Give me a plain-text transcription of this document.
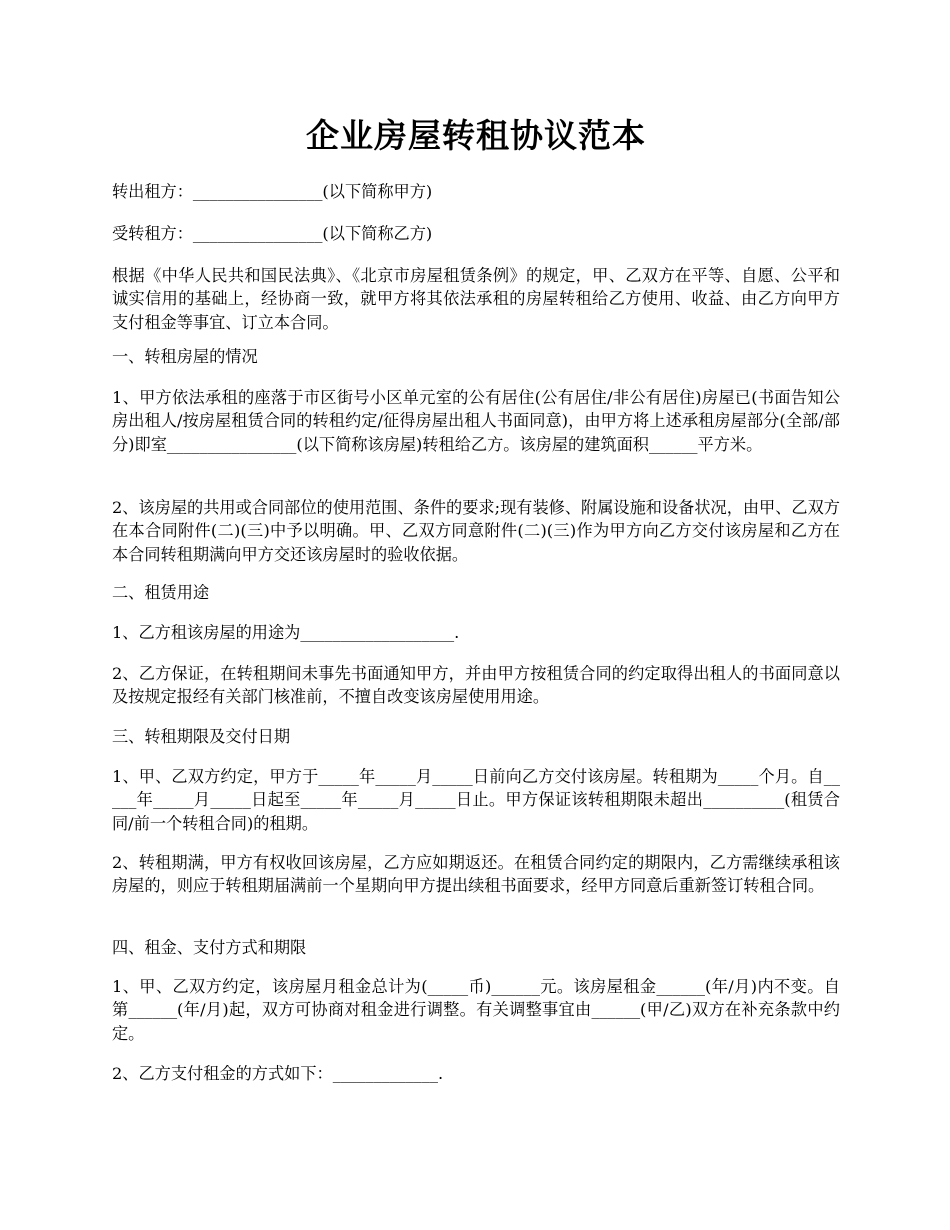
企业房屋转租协议范本

转出租方：________________(以下简称甲方)

受转租方：________________(以下简称乙方)

根据《中华人民共和国民法典》、《北京市房屋租赁条例》的规定，甲、乙双方在平等、自愿、公平和诚实信用的基础上，经协商一致，就甲方将其依法承租的房屋转租给乙方使用、收益、由乙方向甲方支付租金等事宜、订立本合同。

一、转租房屋的情况

1、甲方依法承租的座落于市区街号小区单元室的公有居住(公有居住/非公有居住)房屋已(书面告知公房出租人/按房屋租赁合同的转租约定/征得房屋出租人书面同意)，由甲方将上述承租房屋部分(全部/部分)即室________________(以下简称该房屋)转租给乙方。该房屋的建筑面积______平方米。

2、该房屋的共用或合同部位的使用范围、条件的要求;现有装修、附属设施和设备状况，由甲、乙双方在本合同附件(二)(三)中予以明确。甲、乙双方同意附件(二)(三)作为甲方向乙方交付该房屋和乙方在本合同转租期满向甲方交还该房屋时的验收依据。

二、租赁用途

1、乙方租该房屋的用途为___________________.

2、乙方保证，在转租期间未事先书面通知甲方，并由甲方按租赁合同的约定取得出租人的书面同意以及按规定报经有关部门核准前，不擅自改变该房屋使用用途。

三、转租期限及交付日期

1、甲、乙双方约定，甲方于_____年_____月_____日前向乙方交付该房屋。转租期为_____个月。自_____年_____月_____日起至_____年_____月_____日止。甲方保证该转租期限未超出__________(租赁合同/前一个转租合同)的租期。

2、转租期满，甲方有权收回该房屋，乙方应如期返还。在租赁合同约定的期限内，乙方需继续承租该房屋的，则应于转租期届满前一个星期向甲方提出续租书面要求，经甲方同意后重新签订转租合同。

四、租金、支付方式和期限

1、甲、乙双方约定，该房屋月租金总计为(_____币)______元。该房屋租金______(年/月)内不变。自第______(年/月)起，双方可协商对租金进行调整。有关调整事宜由______(甲/乙)双方在补充条款中约定。

2、乙方支付租金的方式如下：_____________.
